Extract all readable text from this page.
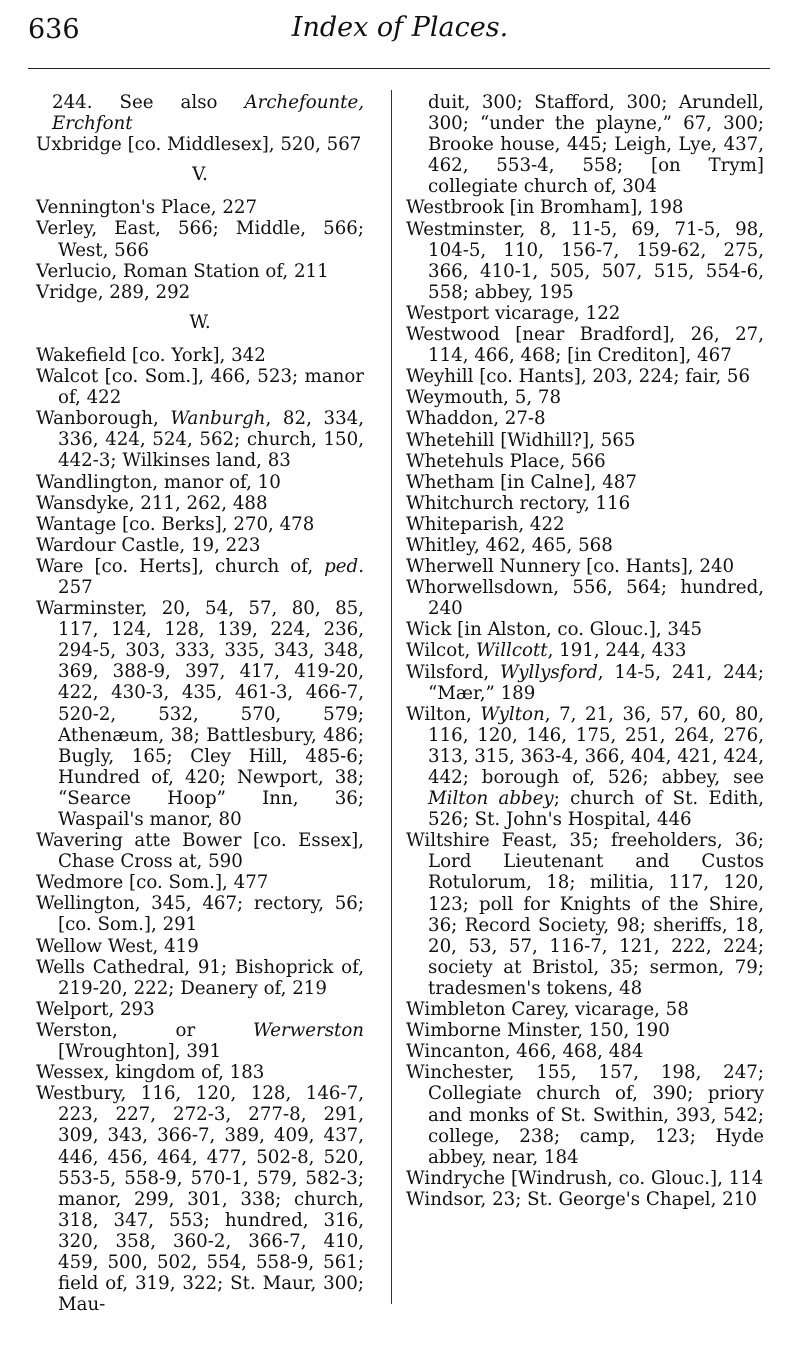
636	Index of Places.
244. See also Archefounte, Erchfont
Uxbridge [co. Middlesex], 520, 567
V.
Vennington's Place, 227
Verley, East, 566; Middle, 566; West, 566
Verlucio, Roman Station of, 211
Vridge, 289, 292
W.
Wakefield [co. York], 342
Walcot [co. Som.], 466, 523; manor of, 422
Wanborough, Wanburgh, 82, 334, 336, 424, 524, 562; church, 150, 442-3; Wilkinses land, 83
Wandlington, manor of, 10
Wansdyke, 211, 262, 488
Wantage [co. Berks], 270, 478
Wardour Castle, 19, 223
Ware [co. Herts], church of, ped. 257
Warminster, 20, 54, 57, 80, 85, 117, 124, 128, 139, 224, 236, 294-5, 303, 333, 335, 343, 348, 369, 388-9, 397, 417, 419-20, 422, 430-3, 435, 461-3, 466-7, 520-2, 532, 570, 579; Athenæum, 38; Battlesbury, 486; Bugly, 165; Cley Hill, 485-6; Hundred of, 420; Newport, 38; “Searce Hoop” Inn, 36; Waspail's manor, 80
Wavering atte Bower [co. Essex], Chase Cross at, 590
Wedmore [co. Som.], 477
Wellington, 345, 467; rectory, 56; [co. Som.], 291
Wellow West, 419
Wells Cathedral, 91; Bishoprick of, 219-20, 222; Deanery of, 219
Welport, 293
Werston, or Werwerston [Wroughton], 391
Wessex, kingdom of, 183
Westbury, 116, 120, 128, 146-7, 223, 227, 272-3, 277-8, 291, 309, 343, 366-7, 389, 409, 437, 446, 456, 464, 477, 502-8, 520, 553-5, 558-9, 570-1, 579, 582-3; manor, 299, 301, 338; church, 318, 347, 553; hundred, 316, 320, 358, 360-2, 366-7, 410, 459, 500, 502, 554, 558-9, 561; field of, 319, 322; St. Maur, 300; Mau-
duit, 300; Stafford, 300; Arundell, 300; “under the playne,” 67, 300; Brooke house, 445; Leigh, Lye, 437, 462, 553-4, 558; [on Trym] collegiate church of, 304
Westbrook [in Bromham], 198
Westminster, 8, 11-5, 69, 71-5, 98, 104-5, 110, 156-7, 159-62, 275, 366, 410-1, 505, 507, 515, 554-6, 558; abbey, 195
Westport vicarage, 122
Westwood [near Bradford], 26, 27, 114, 466, 468; [in Crediton], 467
Weyhill [co. Hants], 203, 224; fair, 56
Weymouth, 5, 78
Whaddon, 27-8
Whetehill [Widhill?], 565
Whetehuls Place, 566
Whetham [in Calne], 487
Whitchurch rectory, 116
Whiteparish, 422
Whitley, 462, 465, 568
Wherwell Nunnery [co. Hants], 240
Whorwellsdown, 556, 564; hundred, 240
Wick [in Alston, co. Glouc.], 345
Wilcot, Willcott, 191, 244, 433
Wilsford, Wyllysford, 14-5, 241, 244; “Mær,” 189
Wilton, Wylton, 7, 21, 36, 57, 60, 80, 116, 120, 146, 175, 251, 264, 276, 313, 315, 363-4, 366, 404, 421, 424, 442; borough of, 526; abbey, see Milton abbey; church of St. Edith, 526; St. John's Hospital, 446
Wiltshire Feast, 35; freeholders, 36; Lord Lieutenant and Custos Rotulorum, 18; militia, 117, 120, 123; poll for Knights of the Shire, 36; Record Society, 98; sheriffs, 18, 20, 53, 57, 116-7, 121, 222, 224; society at Bristol, 35; sermon, 79; tradesmen's tokens, 48
Wimbleton Carey, vicarage, 58
Wimborne Minster, 150, 190
Wincanton, 466, 468, 484
Winchester, 155, 157, 198, 247; Collegiate church of, 390; priory and monks of St. Swithin, 393, 542; college, 238; camp, 123; Hyde abbey, near, 184
Windryche [Windrush, co. Glouc.], 114
Windsor, 23; St. George's Chapel, 210
